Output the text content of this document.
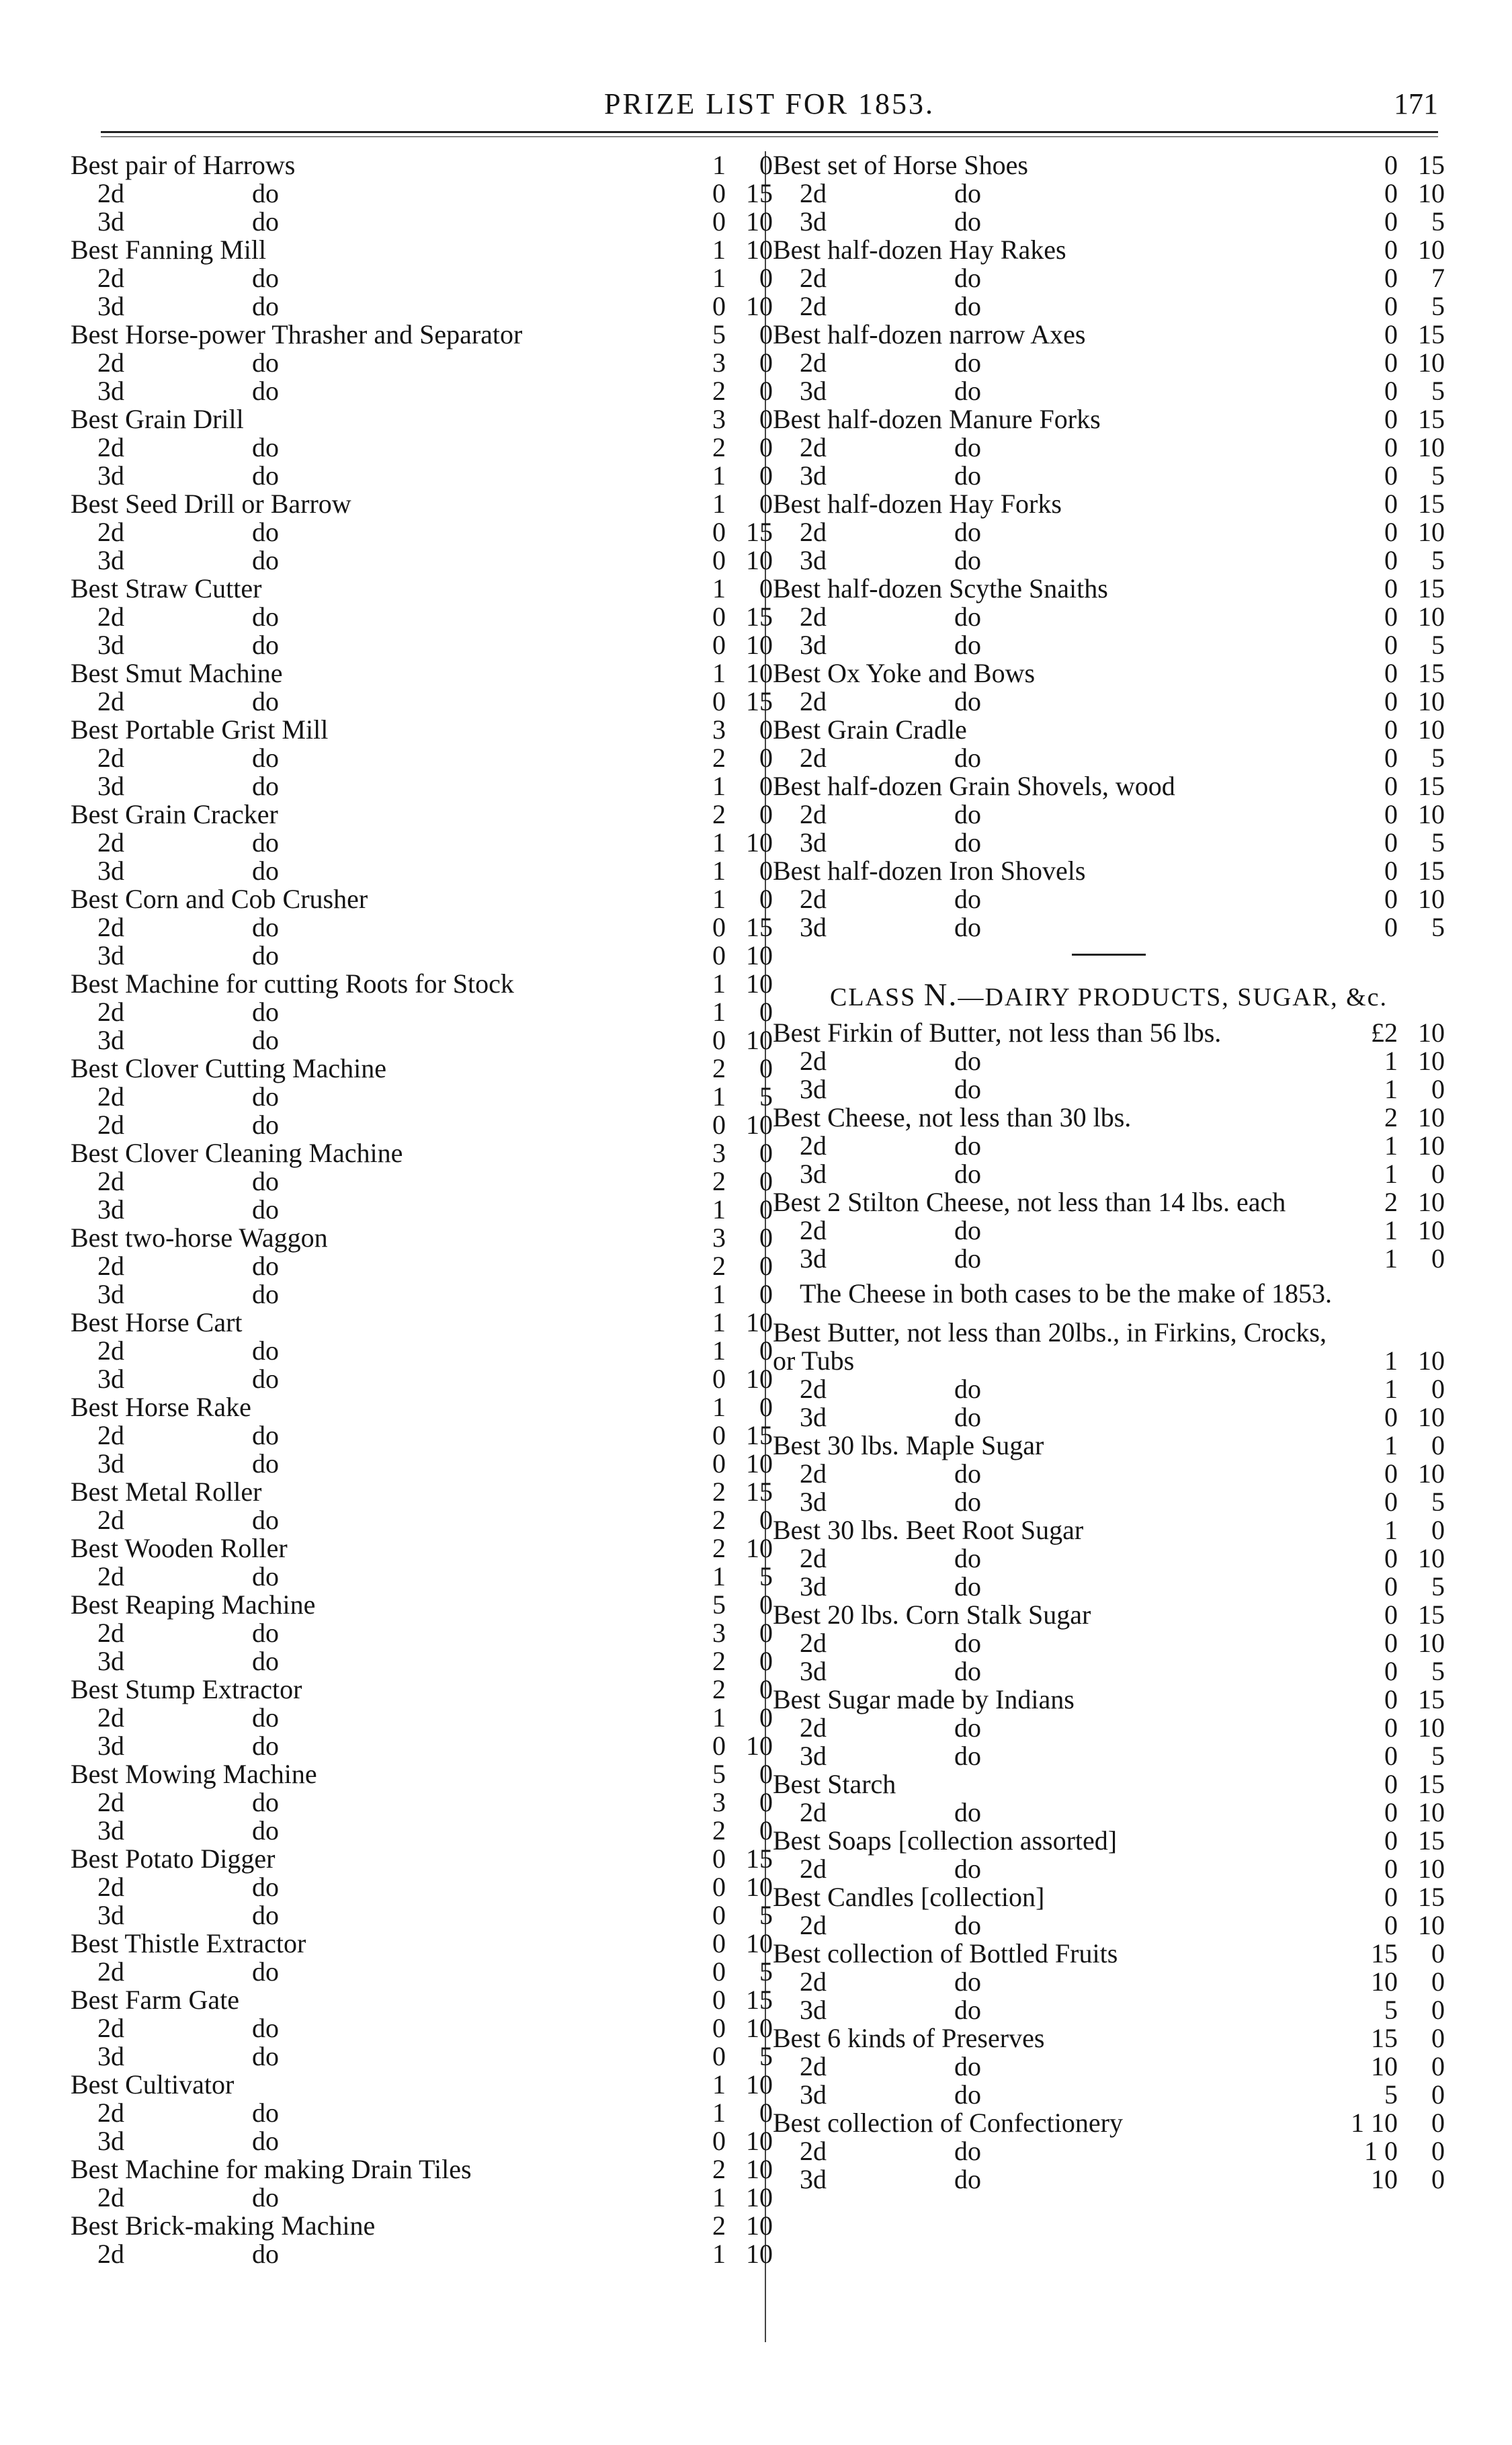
PRIZE LIST FOR 1853.	171
Best pair of Harrows	1	0
2d	do	0 15
3d	do	0 10
Best Fanning Mill	1 10
2d	do	1	0
3d	do	0 10
Best Horse-power Thrasher and Separator	5	0
2d	do	3	0
3d	do	2	0
Best Grain Drill	3	0
2d	do	2	0
3d	do	1	0
Best Seed Drill or Barrow	1	0
2d	do	0 15
3d	do	0 10
Best Straw Cutter	1	0
2d	do	0 15
3d	do	0 10
Best Smut Machine	1 10
2d	do	0 15
Best Portable Grist Mill	3	0
2d	do	2	0
3d	do	1	0
Best Grain Cracker	2	0
2d	do	1 10
3d	do	1	0
Best Corn and Cob Crusher	1	0
2d	do	0 15
3d	do	0 10
Best Machine for cutting Roots for Stock	1 10
2d	do	1	0
3d	do	0 10
Best Clover Cutting Machine	2	0
2d	do	1	5
2d	do	0 10
Best Clover Cleaning Machine	3	0
2d	do	2	0
3d	do	1	0
Best two-horse Waggon	3	0
2d	do	2	0
3d	do	1	0
Best Horse Cart	1 10
2d	do	1	0
3d	do	0 10
Best Horse Rake	1	0
2d	do	0 15
3d	do	0 10
Best Metal Roller	2 15
2d	do	2	0
Best Wooden Roller	2 10
2d	do	1	5
Best Reaping Machine	5	0
2d	do	3	0
3d	do	2	0
Best Stump Extractor	2	0
2d	do	1	0
3d	do	0 10
Best Mowing Machine	5	0
2d	do	3	0
3d	do	2	0
Best Potato Digger	0 15
2d	do	0 10
3d	do	0	5
Best Thistle Extractor	0 10
2d	do	0	5
Best Farm Gate	0 15
2d	do	0 10
3d	do	0	5
Best Cultivator	1 10
2d	do	1	0
3d	do	0 10
Best Machine for making Drain Tiles	2 10
2d	do	1 10
Best Brick-making Machine	2 10
2d	do	1 10
Best set of Horse Shoes	0 15
2d	do	0 10
3d	do	0	5
Best half-dozen Hay Rakes	0 10
2d	do	0	7
2d	do	0	5
Best half-dozen narrow Axes	0 15
2d	do	0 10
3d	do	0	5
Best half-dozen Manure Forks	0 15
2d	do	0 10
3d	do	0	5
Best half-dozen Hay Forks	0 15
2d	do	0 10
3d	do	0	5
Best half-dozen Scythe Snaiths	0 15
2d	do	0 10
3d	do	0	5
Best Ox Yoke and Bows	0 15
2d	do	0 10
Best Grain Cradle	0 10
2d	do	0	5
Best half-dozen Grain Shovels, wood	0 15
2d	do	0 10
3d	do	0	5
Best half-dozen Iron Shovels	0 15
2d	do	0 10
3d	do	0	5
CLASS N.—DAIRY PRODUCTS, SUGAR, &c.
Best Firkin of Butter, not less than 56 lbs.	£2 10
2d	do	1 10
3d	do	1	0
Best Cheese, not less than 30 lbs.	2 10
2d	do	1 10
3d	do	1	0
Best 2 Stilton Cheese, not less than 14 lbs. each	2 10
2d	do	1 10
3d	do	1	0
The Cheese in both cases to be the make of 1853.
Best Butter, not less than 20lbs., in Firkins, Crocks, or Tubs	1 10
2d	do	1	0
3d	do	0 10
Best 30 lbs. Maple Sugar	1	0
2d	do	0 10
3d	do	0	5
Best 30 lbs. Beet Root Sugar	1	0
2d	do	0 10
3d	do	0	5
Best 20 lbs. Corn Stalk Sugar	0 15
2d	do	0 10
3d	do	0	5
Best Sugar made by Indians	0 15
2d	do	0 10
3d	do	0	5
Best Starch	0 15
2d	do	0 10
Best Soaps [collection assorted]	0 15
2d	do	0 10
Best Candles [collection]	0 15
2d	do	0 10
Best collection of Bottled Fruits	15	0
2d	do	10	0
3d	do	5	0
Best 6 kinds of Preserves	15	0
2d	do	10	0
3d	do	5	0
Best collection of Confectionery	1 10	0
2d	do	1 0	0
3d	do	10	0
